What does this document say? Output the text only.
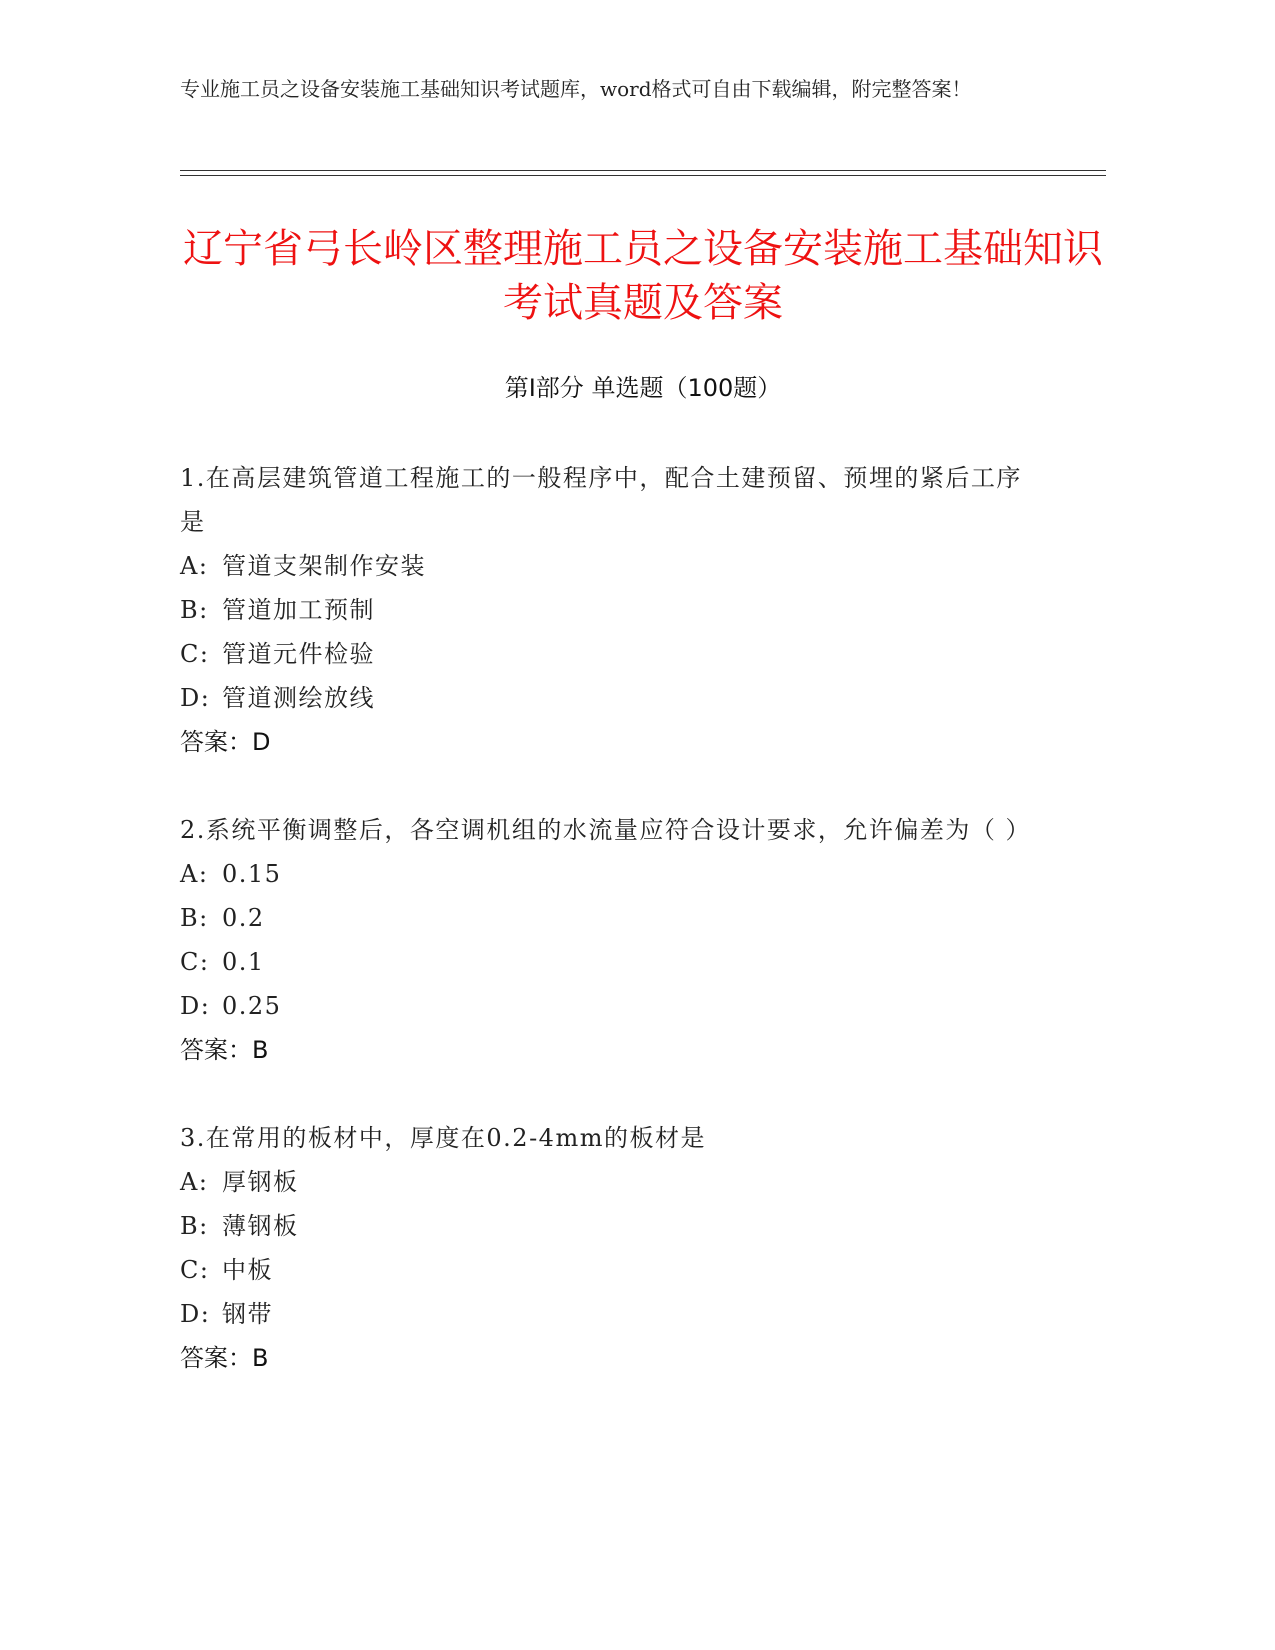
专业施工员之设备安装施工基础知识考试题库，word格式可自由下载编辑，附完整答案！
辽宁省弓长岭区整理施工员之设备安装施工基础知识考试真题及答案
第Ⅰ部分 单选题（100题）
1.在高层建筑管道工程施工的一般程序中，配合土建预留、预埋的紧后工序是
A: 管道支架制作安装
B: 管道加工预制
C: 管道元件检验
D: 管道测绘放线
答案：D
2.系统平衡调整后，各空调机组的水流量应符合设计要求，允许偏差为（ ）
A: 0.15
B: 0.2
C: 0.1
D: 0.25
答案：B
3.在常用的板材中，厚度在0.2-4mm的板材是
A: 厚钢板
B: 薄钢板
C: 中板
D: 钢带
答案：B
